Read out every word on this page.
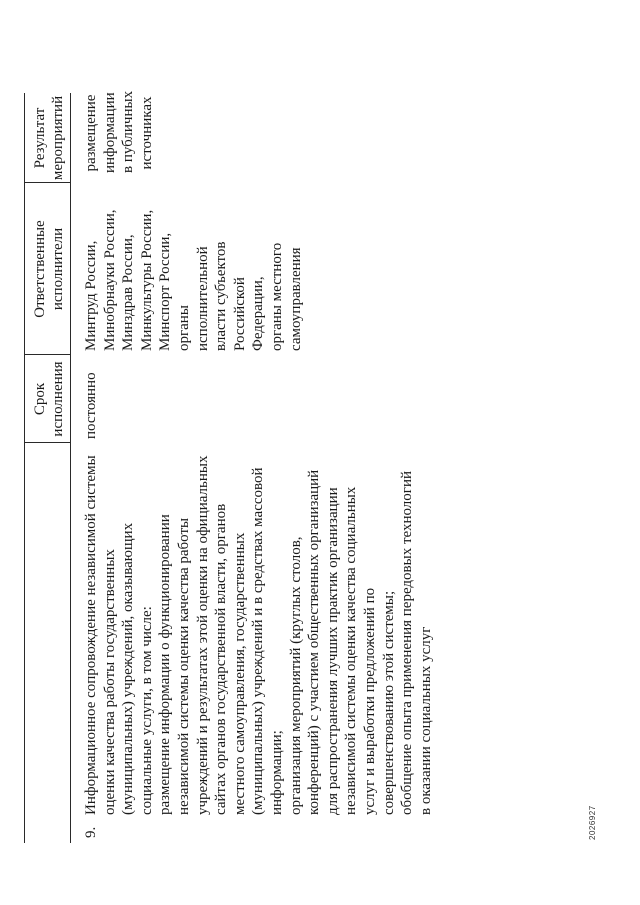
Срок исполнения
Ответственные исполнители
Результат мероприятий
9.
Информационное сопровождение независимой системы оценки качества работы государственных (муниципальных) учреждений, оказывающих социальные услуги, в том числе: размещение информации о функционировании независимой системы оценки качества работы учреждений и результатах этой оценки на официальных сайтах органов государственной власти, органов местного самоуправления, государственных (муниципальных) учреждений и в средствах массовой информации; организация мероприятий (круглых столов, конференций) с участием общественных организаций для распространения лучших практик организации независимой системы оценки качества социальных услуг и выработки предложений по совершенствованию этой системы; обобщение опыта применения передовых технологий в оказании социальных услуг
постоянно
Минтруд России, Минобрнауки России, Минздрав России, Минкультуры России, Минспорт России, органы исполнительной власти субъектов Российской Федерации, органы местного самоуправления
размещение информации в публичных источниках
2026927
